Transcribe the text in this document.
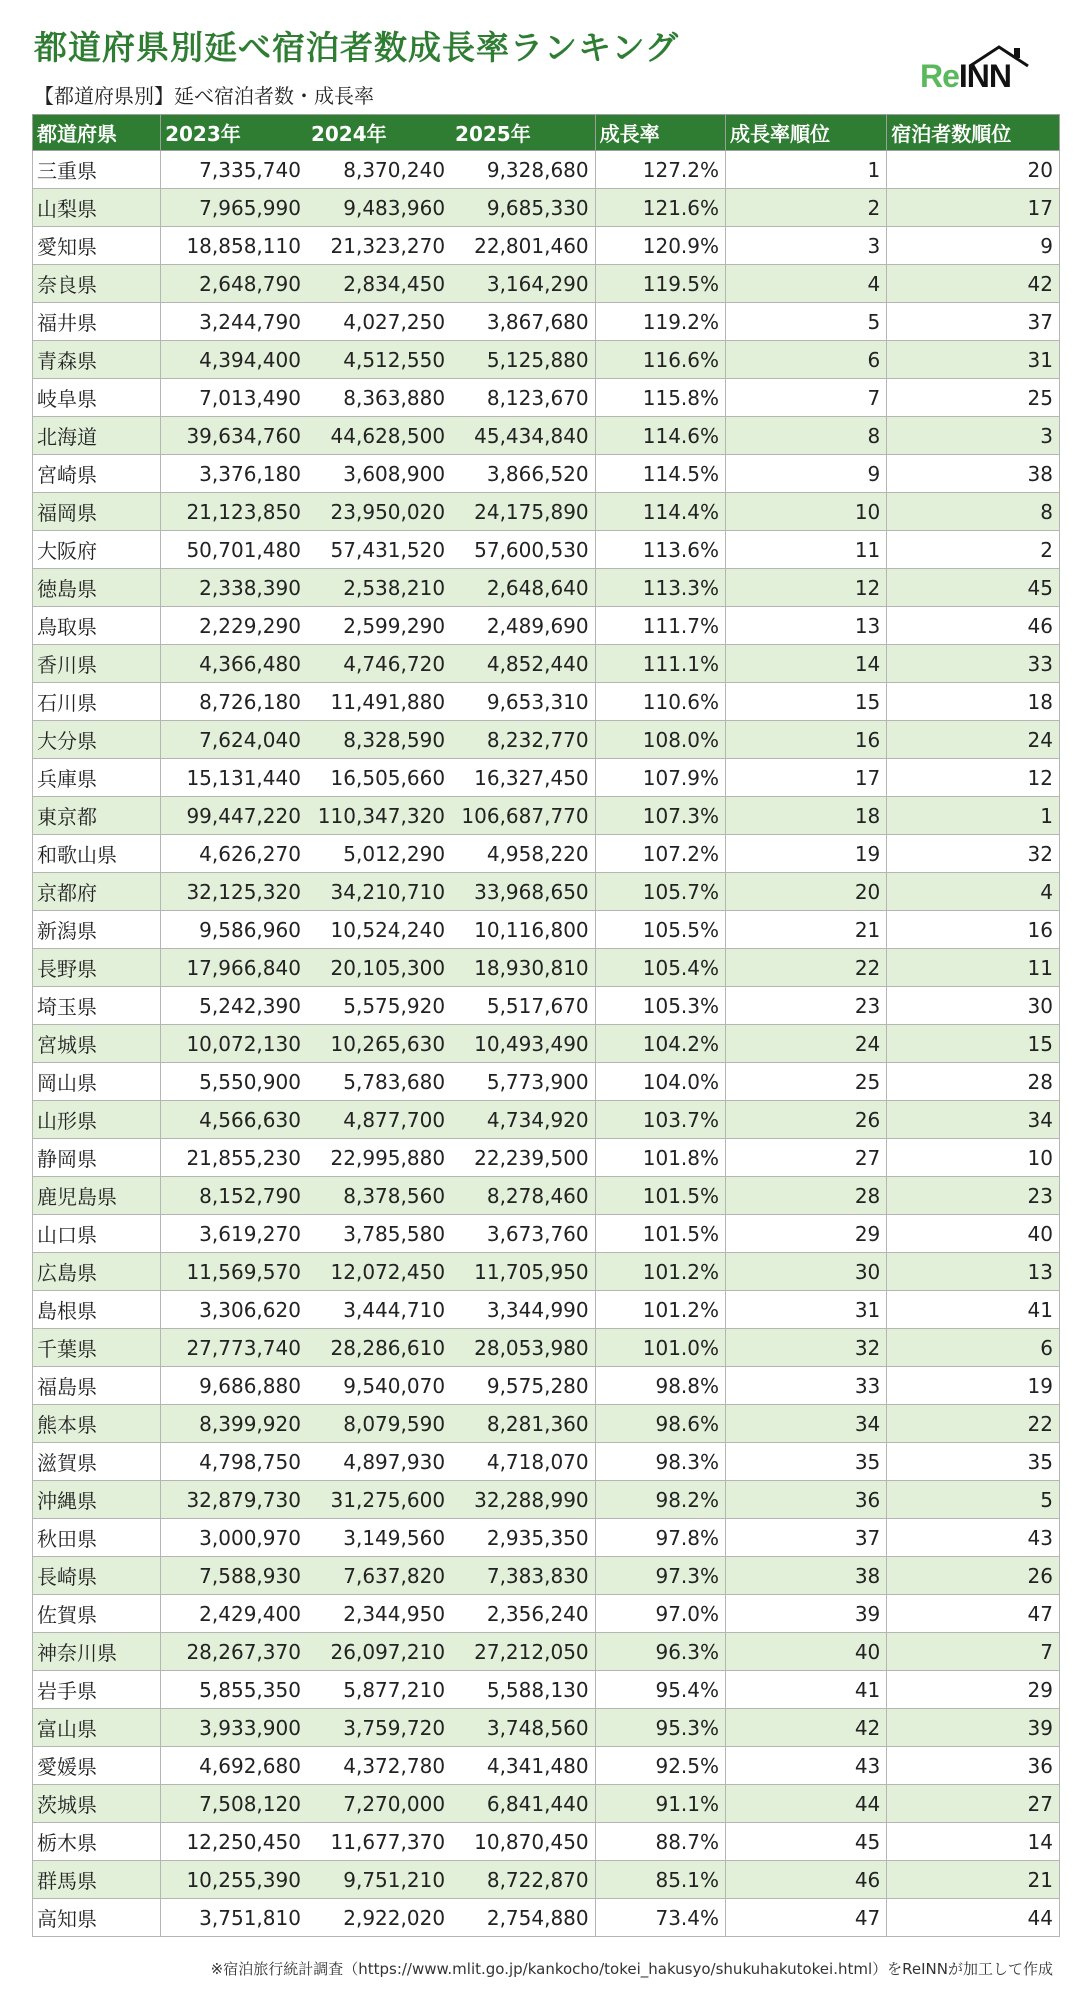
都道府県別延べ宿泊者数成長率ランキング
【都道府県別】延べ宿泊者数・成長率
ReINN
都道府県	2023年	2024年	2025年	成長率	成長率順位	宿泊者数順位
三重県	7,335,740	8,370,240	9,328,680	127.2%	1	20
山梨県	7,965,990	9,483,960	9,685,330	121.6%	2	17
愛知県	18,858,110	21,323,270	22,801,460	120.9%	3	9
奈良県	2,648,790	2,834,450	3,164,290	119.5%	4	42
福井県	3,244,790	4,027,250	3,867,680	119.2%	5	37
青森県	4,394,400	4,512,550	5,125,880	116.6%	6	31
岐阜県	7,013,490	8,363,880	8,123,670	115.8%	7	25
北海道	39,634,760	44,628,500	45,434,840	114.6%	8	3
宮崎県	3,376,180	3,608,900	3,866,520	114.5%	9	38
福岡県	21,123,850	23,950,020	24,175,890	114.4%	10	8
大阪府	50,701,480	57,431,520	57,600,530	113.6%	11	2
徳島県	2,338,390	2,538,210	2,648,640	113.3%	12	45
鳥取県	2,229,290	2,599,290	2,489,690	111.7%	13	46
香川県	4,366,480	4,746,720	4,852,440	111.1%	14	33
石川県	8,726,180	11,491,880	9,653,310	110.6%	15	18
大分県	7,624,040	8,328,590	8,232,770	108.0%	16	24
兵庫県	15,131,440	16,505,660	16,327,450	107.9%	17	12
東京都	99,447,220	110,347,320	106,687,770	107.3%	18	1
和歌山県	4,626,270	5,012,290	4,958,220	107.2%	19	32
京都府	32,125,320	34,210,710	33,968,650	105.7%	20	4
新潟県	9,586,960	10,524,240	10,116,800	105.5%	21	16
長野県	17,966,840	20,105,300	18,930,810	105.4%	22	11
埼玉県	5,242,390	5,575,920	5,517,670	105.3%	23	30
宮城県	10,072,130	10,265,630	10,493,490	104.2%	24	15
岡山県	5,550,900	5,783,680	5,773,900	104.0%	25	28
山形県	4,566,630	4,877,700	4,734,920	103.7%	26	34
静岡県	21,855,230	22,995,880	22,239,500	101.8%	27	10
鹿児島県	8,152,790	8,378,560	8,278,460	101.5%	28	23
山口県	3,619,270	3,785,580	3,673,760	101.5%	29	40
広島県	11,569,570	12,072,450	11,705,950	101.2%	30	13
島根県	3,306,620	3,444,710	3,344,990	101.2%	31	41
千葉県	27,773,740	28,286,610	28,053,980	101.0%	32	6
福島県	9,686,880	9,540,070	9,575,280	98.8%	33	19
熊本県	8,399,920	8,079,590	8,281,360	98.6%	34	22
滋賀県	4,798,750	4,897,930	4,718,070	98.3%	35	35
沖縄県	32,879,730	31,275,600	32,288,990	98.2%	36	5
秋田県	3,000,970	3,149,560	2,935,350	97.8%	37	43
長崎県	7,588,930	7,637,820	7,383,830	97.3%	38	26
佐賀県	2,429,400	2,344,950	2,356,240	97.0%	39	47
神奈川県	28,267,370	26,097,210	27,212,050	96.3%	40	7
岩手県	5,855,350	5,877,210	5,588,130	95.4%	41	29
富山県	3,933,900	3,759,720	3,748,560	95.3%	42	39
愛媛県	4,692,680	4,372,780	4,341,480	92.5%	43	36
茨城県	7,508,120	7,270,000	6,841,440	91.1%	44	27
栃木県	12,250,450	11,677,370	10,870,450	88.7%	45	14
群馬県	10,255,390	9,751,210	8,722,870	85.1%	46	21
高知県	3,751,810	2,922,020	2,754,880	73.4%	47	44
※宿泊旅行統計調査（https://www.mlit.go.jp/kankocho/tokei_hakusyo/shukuhakutokei.html）をReINNが加工して作成
